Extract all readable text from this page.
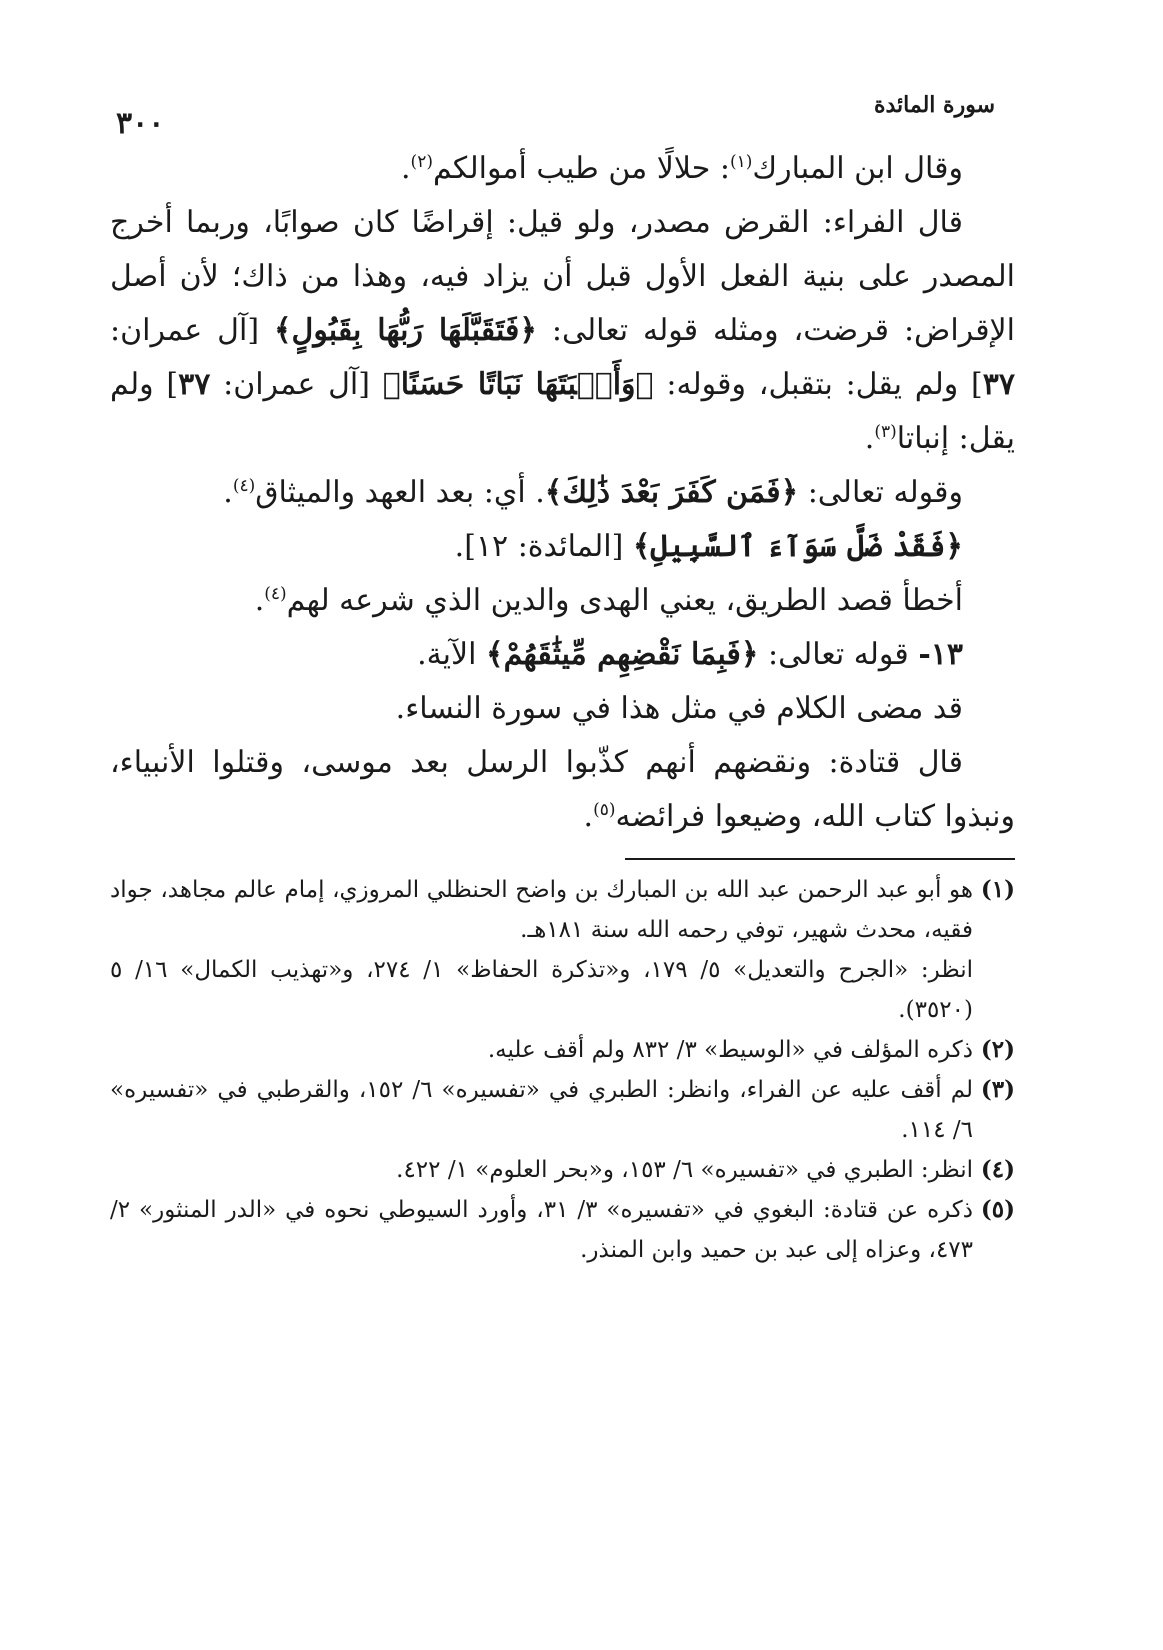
سورة المائدة
٣٠٠

وقال ابن المبارك$^{(١)}$: حلالًا من طيب أموالكم$^{(٢)}$.

قال الفراء: القرض مصدر، ولو قيل: إقراضًا كان صوابًا، وربما أخرج المصدر على بنية الفعل الأول قبل أن يزاد فيه، وهذا من ذاك؛ لأن أصل الإقراض: قرضت، ومثله قوله تعالى: ﴿فَتَقَبَّلَهَا رَبُّهَا بِقَبُولٍ﴾ [آل عمران: ٣٧] ولم يقل: بتقبل، وقوله: ﴿وَأَنۢبَتَهَا نَبَاتًا حَسَنًا﴾ [آل عمران: ٣٧] ولم يقل: إنباتا$^{(٣)}$.

وقوله تعالى: ﴿فَمَن كَفَرَ بَعْدَ ذَٰلِكَ﴾. أي: بعد العهد والميثاق$^{(٤)}$.

﴿فَقَدْ ضَلَّ سَوَآءَ ٱلسَّبِيلِ﴾ [المائدة: ١٢].

أخطأ قصد الطريق، يعني الهدى والدين الذي شرعه لهم$^{(٤)}$.

١٣- قوله تعالى: ﴿فَبِمَا نَقْضِهِم مِّيثَٰقَهُمْ﴾ الآية.

قد مضى الكلام في مثل هذا في سورة النساء.

قال قتادة: ونقضهم أنهم كذّبوا الرسل بعد موسى، وقتلوا الأنبياء، ونبذوا كتاب الله، وضيعوا فرائضه$^{(٥)}$.

(١)

هو أبو عبد الرحمن عبد الله بن المبارك بن واضح الحنظلي المروزي، إمام عالم مجاهد، جواد فقيه، محدث شهير، توفي رحمه الله سنة ١٨١هـ.

انظر: «الجرح والتعديل» ٥/ ١٧٩، و«تذكرة الحفاظ» ١/ ٢٧٤، و«تهذيب الكمال» ١٦/ ٥ (٣٥٢٠).

(٢)

ذكره المؤلف في «الوسيط» ٣/ ٨٣٢ ولم أقف عليه.

(٣)

لم أقف عليه عن الفراء، وانظر: الطبري في «تفسيره» ٦/ ١٥٢، والقرطبي في «تفسيره» ٦/ ١١٤.

(٤)

انظر: الطبري في «تفسيره» ٦/ ١٥٣، و«بحر العلوم» ١/ ٤٢٢.

(٥)

ذكره عن قتادة: البغوي في «تفسيره» ٣/ ٣١، وأورد السيوطي نحوه في «الدر المنثور» ٢/ ٤٧٣، وعزاه إلى عبد بن حميد وابن المنذر.
